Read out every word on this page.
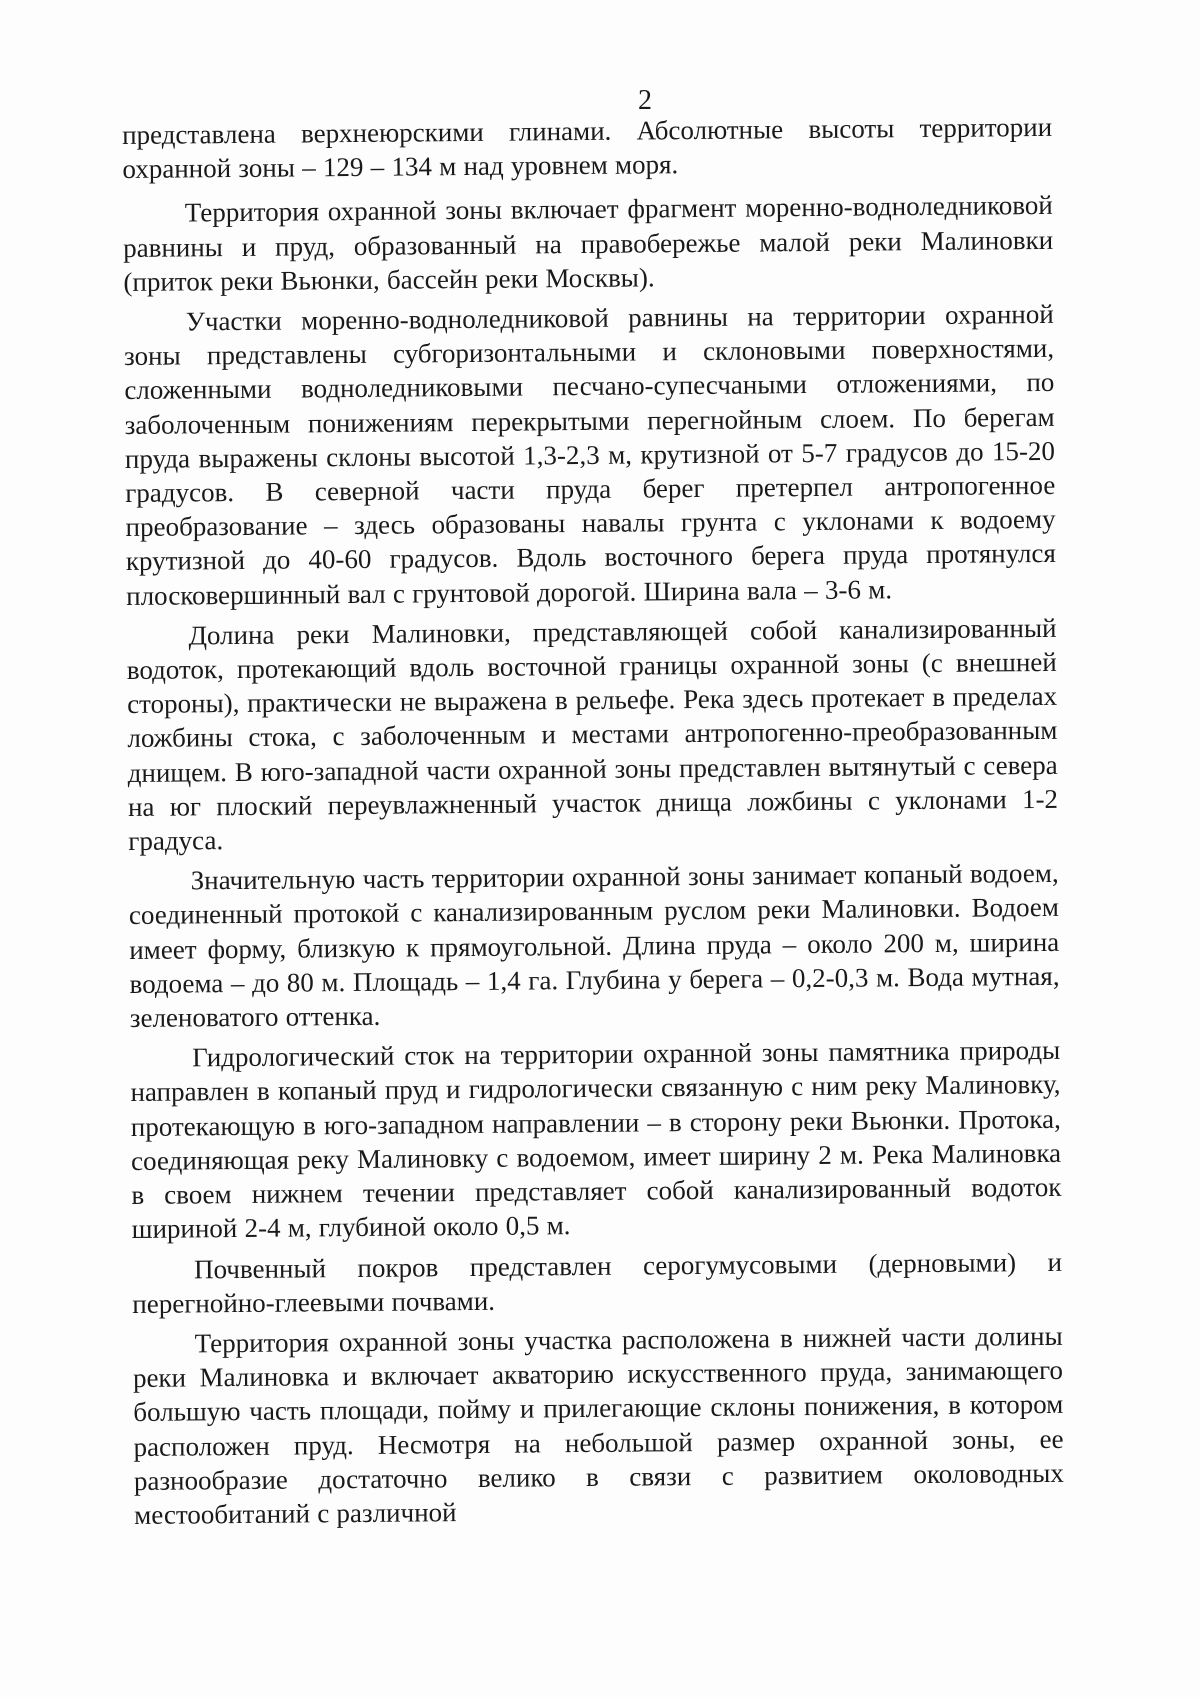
2

представлена верхнеюрскими глинами. Абсолютные высоты территории охранной зоны – 129 – 134 м над уровнем моря.

Территория охранной зоны включает фрагмент моренно-водноледниковой равнины и пруд, образованный на правобережье малой реки Малиновки (приток реки Вьюнки, бассейн реки Москвы).

Участки моренно-водноледниковой равнины на территории охранной зоны представлены субгоризонтальными и склоновыми поверхностями, сложенными водноледниковыми песчано-супесчаными отложениями, по заболоченным понижениям перекрытыми перегнойным слоем. По берегам пруда выражены склоны высотой 1,3-2,3 м, крутизной от 5-7 градусов до 15-20 градусов. В северной части пруда берег претерпел антропогенное преобразование – здесь образованы навалы грунта с уклонами к водоему крутизной до 40-60 градусов. Вдоль восточного берега пруда протянулся плосковершинный вал с грунтовой дорогой. Ширина вала – 3-6 м.

Долина реки Малиновки, представляющей собой канализированный водоток, протекающий вдоль восточной границы охранной зоны (с внешней стороны), практически не выражена в рельефе. Река здесь протекает в пределах ложбины стока, с заболоченным и местами антропогенно-преобразованным днищем. В юго-западной части охранной зоны представлен вытянутый с севера на юг плоский переувлажненный участок днища ложбины с уклонами 1-2 градуса.

Значительную часть территории охранной зоны занимает копаный водоем, соединенный протокой с канализированным руслом реки Малиновки. Водоем имеет форму, близкую к прямоугольной. Длина пруда – около 200 м, ширина водоема – до 80 м. Площадь – 1,4 га. Глубина у берега – 0,2-0,3 м. Вода мутная, зеленоватого оттенка.

Гидрологический сток на территории охранной зоны памятника природы направлен в копаный пруд и гидрологически связанную с ним реку Малиновку, протекающую в юго-западном направлении – в сторону реки Вьюнки. Протока, соединяющая реку Малиновку с водоемом, имеет ширину 2 м. Река Малиновка в своем нижнем течении представляет собой канализированный водоток шириной 2-4 м, глубиной около 0,5 м.

Почвенный покров представлен серогумусовыми (дерновыми) и перегнойно-глеевыми почвами.

Территория охранной зоны участка расположена в нижней части долины реки Малиновка и включает акваторию искусственного пруда, занимающего большую часть площади, пойму и прилегающие склоны понижения, в котором расположен пруд. Несмотря на небольшой размер охранной зоны, ее разнообразие достаточно велико в связи с развитием околоводных местообитаний с различной
